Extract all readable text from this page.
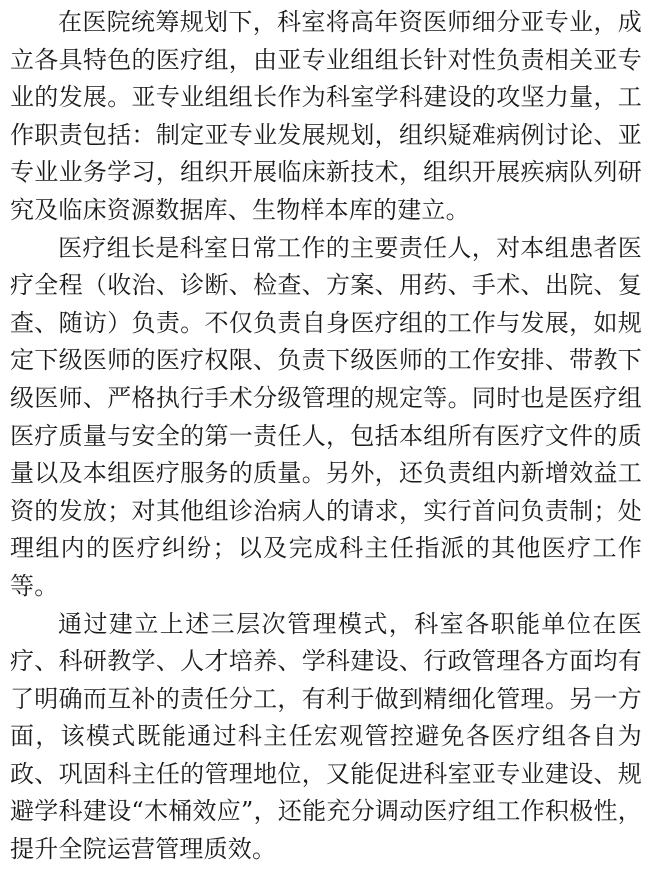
在医院统筹规划下，科室将高年资医师细分亚专业，成立各具特色的医疗组，由亚专业组组长针对性负责相关亚专业的发展。亚专业组组长作为科室学科建设的攻坚力量，工作职责包括：制定亚专业发展规划，组织疑难病例讨论、亚专业业务学习，组织开展临床新技术，组织开展疾病队列研究及临床资源数据库、生物样本库的建立。

医疗组长是科室日常工作的主要责任人，对本组患者医疗全程（收治、诊断、检查、方案、用药、手术、出院、复查、随访）负责。不仅负责自身医疗组的工作与发展，如规定下级医师的医疗权限、负责下级医师的工作安排、带教下级医师、严格执行手术分级管理的规定等。同时也是医疗组医疗质量与安全的第一责任人，包括本组所有医疗文件的质量以及本组医疗服务的质量。另外，还负责组内新增效益工资的发放；对其他组诊治病人的请求，实行首问负责制；处理组内的医疗纠纷；以及完成科主任指派的其他医疗工作等。

通过建立上述三层次管理模式，科室各职能单位在医疗、科研教学、人才培养、学科建设、行政管理各方面均有了明确而互补的责任分工，有利于做到精细化管理。另一方面，该模式既能通过科主任宏观管控避免各医疗组各自为政、巩固科主任的管理地位，又能促进科室亚专业建设、规避学科建设“木桶效应”，还能充分调动医疗组工作积极性，提升全院运营管理质效。
